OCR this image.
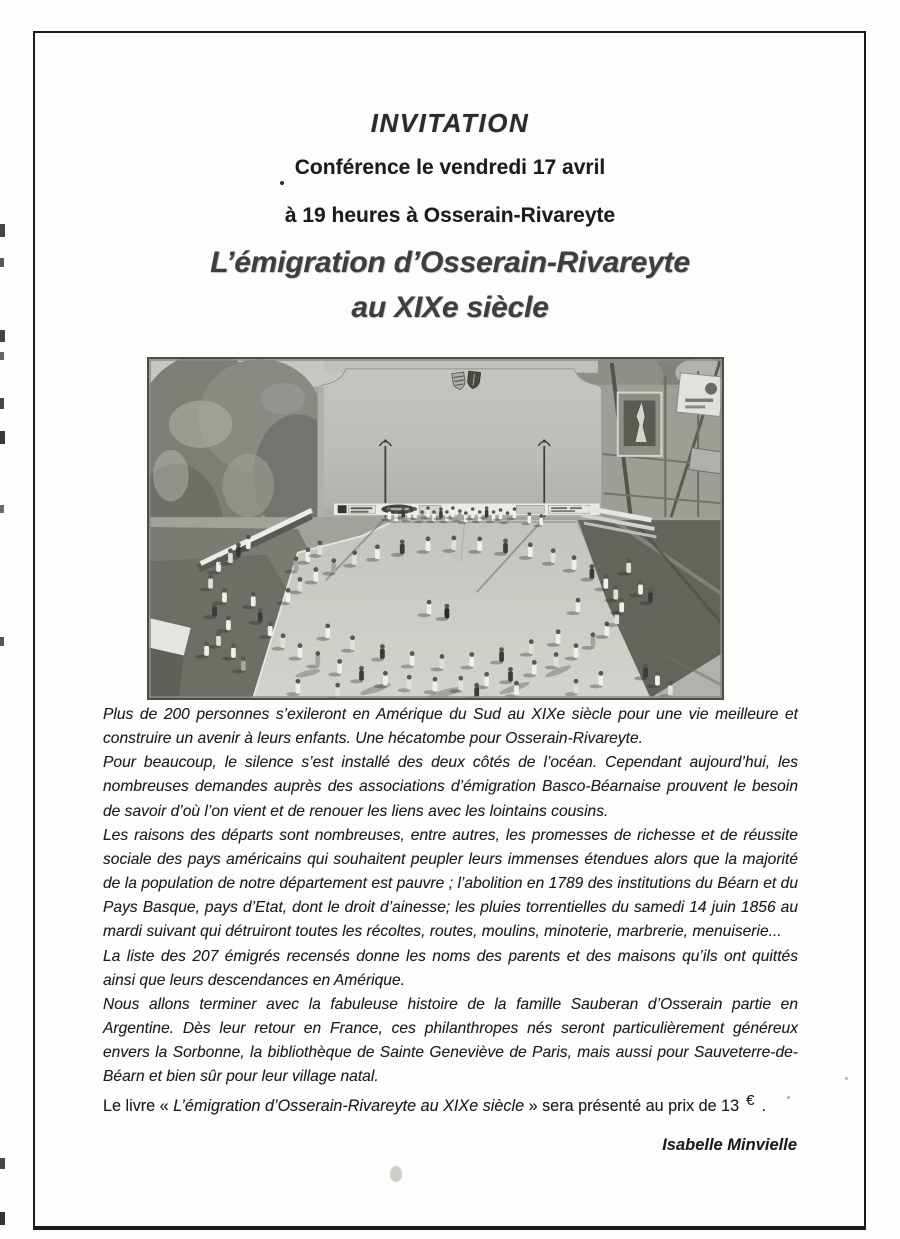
INVITATION
Conférence le vendredi 17 avril
à 19 heures à Osserain-Rivareyte
L’émigration d’Osserain-Rivareyte
au XIXe siècle

Plus de 200 personnes s’exileront en Amérique du Sud au XIXe siècle pour une vie meilleure et construire un avenir à leurs enfants. Une hécatombe pour Osserain-Rivareyte.

Pour beaucoup, le silence s’est installé des deux côtés de l’océan. Cependant aujourd’hui, les nombreuses demandes auprès des associations d’émigration Basco-Béarnaise prouvent le besoin de savoir d’où l’on vient et de renouer les liens avec les lointains cousins.

Les raisons des départs sont nombreuses, entre autres, les promesses de richesse et de réussite sociale des pays américains qui souhaitent peupler leurs immenses étendues alors que la majorité de la population de notre département est pauvre ; l’abolition en 1789 des institutions du Béarn et du Pays Basque, pays d’Etat, dont le droit d’ainesse; les pluies torrentielles du samedi 14 juin 1856 au mardi suivant qui détruiront toutes les récoltes, routes, moulins, minoterie, marbrerie, menuiserie...

La liste des 207 émigrés recensés donne les noms des parents et des maisons qu’ils ont quittés ainsi que leurs descendances en Amérique.

Nous allons terminer avec la fabuleuse histoire de la famille Sauberan d’Osserain partie en Argentine. Dès leur retour en France, ces philanthropes nés seront particulièrement généreux envers la Sorbonne, la bibliothèque de Sainte Geneviève de Paris, mais aussi pour Sauveterre-de-Béarn et bien sûr pour leur village natal.

Le livre « L’émigration d’Osserain-Rivareyte au XIXe siècle » sera présenté au prix de 13 € .
Isabelle Minvielle
